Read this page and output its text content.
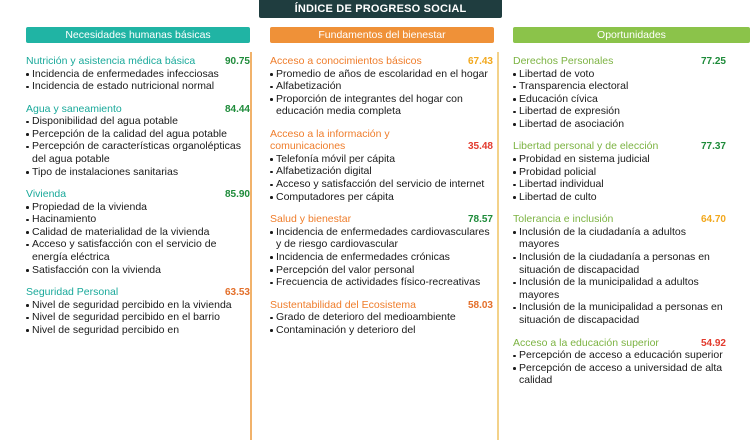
ÍNDICE DE PROGRESO SOCIAL
Necesidades humanas básicas
Nutrición y asistencia médica básica	90.75
Incidencia de enfermedades infecciosas
Incidencia de estado nutricional normal
Agua y saneamiento	84.44
Disponibilidad del agua potable
Percepción de la calidad del agua potable
Percepción de características organolépticas del agua potable
Tipo de instalaciones sanitarias
Vivienda	85.90
Propiedad de la vivienda
Hacinamiento
Calidad de materialidad de la vivienda
Acceso y satisfacción con el servicio de energía eléctrica
Satisfacción con la vivienda
Seguridad Personal	63.53
Nivel de seguridad percibido en la vivienda
Nivel de seguridad percibido en el barrio
Nivel de seguridad percibido en
Fundamentos del bienestar
Acceso a conocimientos básicos	67.43
Promedio de años de escolaridad en el hogar
Alfabetización
Proporción de integrantes del hogar con educación media completa
Acceso a la información y comunicaciones	35.48
Telefonía móvil per cápita
Alfabetización digital
Acceso y satisfacción del servicio de internet
Computadores per cápita
Salud y bienestar	78.57
Incidencia de enfermedades cardiovasculares y de riesgo cardiovascular
Incidencia de enfermedades crónicas
Percepción del valor personal
Frecuencia de actividades físico-recreativas
Sustentabilidad del Ecosistema	58.03
Grado de deterioro del medioambiente
Contaminación y deterioro del
Oportunidades
Derechos Personales	77.25
Libertad de voto
Transparencia electoral
Educación cívica
Libertad de expresión
Libertad de asociación
Libertad personal y de elección	77.37
Probidad en sistema judicial
Probidad policial
Libertad individual
Libertad de culto
Tolerancia e inclusión	64.70
Inclusión de la ciudadanía a adultos mayores
Inclusión de la ciudadanía a personas en situación de discapacidad
Inclusión de la municipalidad a adultos mayores
Inclusión de la municipalidad a personas en situación de discapacidad
Acceso a la educación superior	54.92
Percepción de acceso a educación superior
Percepción de acceso a universidad de alta calidad
